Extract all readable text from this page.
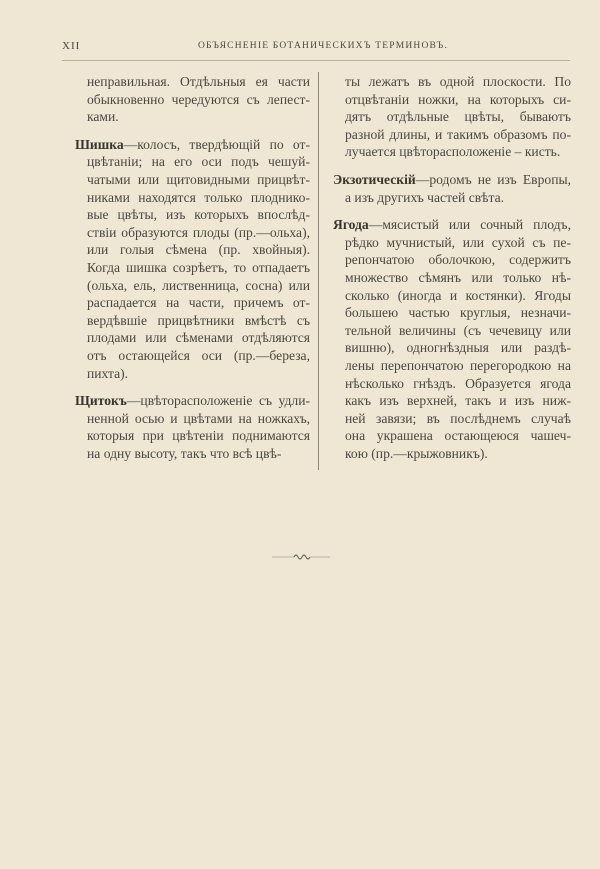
XII	ОБЪЯСНЕНІЕ БОТАНИЧЕСКИХЪ ТЕРМИНОВЪ.
неправильная. Отдѣльныя ея части
обыкновенно чередуются съ лепест-
ками.
Шишка—колосъ, твердѣющій по от-
цвѣтаніи; на его оси подъ чешуй-
чатыми или щитовидными прицвѣт-
никами находятся только плоднико-
вые цвѣты, изъ которыхъ впослѣд-
ствіи образуются плоды (пр.—ольха),
или голыя сѣмена (пр. хвойныя).
Когда шишка созрѣетъ, то отпадаетъ
(ольха, ель, лиственница, сосна) или
распадается на части, причемъ от-
вердѣвшіе прицвѣтники вмѣстѣ съ
плодами или сѣменами отдѣляются
отъ остающейся оси (пр.—береза,
пихта).
Щитокъ—цвѣторасположеніе съ удли-
ненной осью и цвѣтами на ножкахъ,
которыя при цвѣтеніи поднимаются
на одну высоту, такъ что всѣ цвѣ-
ты лежатъ въ одной плоскости. По
отцвѣтаніи ножки, на которыхъ си-
дятъ отдѣльные цвѣты, бываютъ
разной длины, и такимъ образомъ по-
лучается цвѣторасположеніе – кисть.
Экзотическій—родомъ не изъ Европы,
а изъ другихъ частей свѣта.
Ягода—мясистый или сочный плодъ,
рѣдко мучнистый, или сухой съ пе-
репончатою оболочкою, содержитъ
множество сѣмянъ или только нѣ-
сколько (иногда и костянки). Ягоды
большею частью круглыя, незначи-
тельной величины (съ чечевицу или
вишню), одногнѣздныя или раздѣ-
лены перепончатою перегородкою на
нѣсколько гнѣздъ. Образуется ягода
какъ изъ верхней, такъ и изъ ниж-
ней завязи; въ послѣднемъ случаѣ
она украшена остающеюся чашеч-
кою (пр.—крыжовникъ).
